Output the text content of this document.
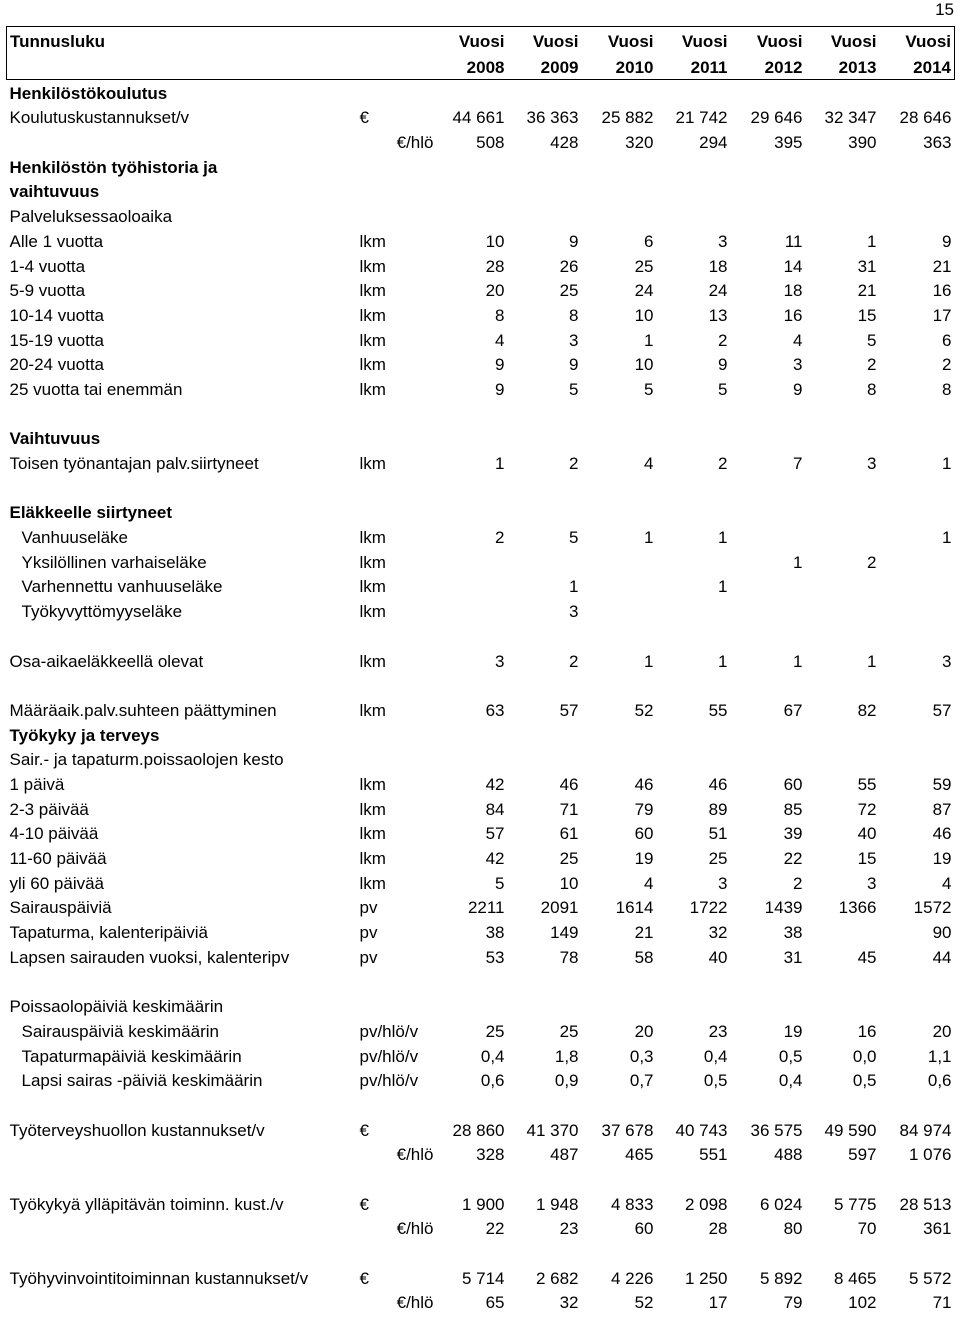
15
Tunnusluku		Vuosi	Vuosi	Vuosi	Vuosi	Vuosi	Vuosi	Vuosi
		2008	2009	2010	2011	2012	2013	2014
Henkilöstökoulutus								
Koulutuskustannukset/v	€	44 661	36 363	25 882	21 742	29 646	32 347	28 646
	€/hlö	508	428	320	294	395	390	363
Henkilöstön työhistoria ja								
vaihtuvuus								
Palveluksessaoloaika								
Alle 1 vuotta	lkm	10	9	6	3	11	1	9
1-4 vuotta	lkm	28	26	25	18	14	31	21
5-9 vuotta	lkm	20	25	24	24	18	21	16
10-14 vuotta	lkm	8	8	10	13	16	15	17
15-19 vuotta	lkm	4	3	1	2	4	5	6
20-24 vuotta	lkm	9	9	10	9	3	2	2
25 vuotta tai enemmän	lkm	9	5	5	5	9	8	8

Vaihtuvuus								
Toisen työnantajan palv.siirtyneet	lkm	1	2	4	2	7	3	1

Eläkkeelle siirtyneet								
Vanhuuseläke	lkm	2	5	1	1			1
Yksilöllinen varhaiseläke	lkm					1	2	
Varhennettu vanhuuseläke	lkm		1		1			
Työkyvyttömyyseläke	lkm		3					

Osa-aikaeläkkeellä olevat	lkm	3	2	1	1	1	1	3

Määräaik.palv.suhteen päättyminen	lkm	63	57	52	55	67	82	57
Työkyky ja terveys								
Sair.- ja tapaturm.poissaolojen kesto								
1 päivä	lkm	42	46	46	46	60	55	59
2-3 päivää	lkm	84	71	79	89	85	72	87
4-10 päivää	lkm	57	61	60	51	39	40	46
11-60 päivää	lkm	42	25	19	25	22	15	19
yli 60 päivää	lkm	5	10	4	3	2	3	4
Sairauspäiviä	pv	2211	2091	1614	1722	1439	1366	1572
Tapaturma, kalenteripäiviä	pv	38	149	21	32	38		90
Lapsen sairauden vuoksi, kalenteripv	pv	53	78	58	40	31	45	44

Poissaolopäiviä keskimäärin								
Sairauspäiviä keskimäärin	pv/hlö/v	25	25	20	23	19	16	20
Tapaturmapäiviä keskimäärin	pv/hlö/v	0,4	1,8	0,3	0,4	0,5	0,0	1,1
Lapsi sairas -päiviä keskimäärin	pv/hlö/v	0,6	0,9	0,7	0,5	0,4	0,5	0,6

Työterveyshuollon kustannukset/v	€	28 860	41 370	37 678	40 743	36 575	49 590	84 974
	€/hlö	328	487	465	551	488	597	1 076

Työkykyä ylläpitävän toiminn. kust./v	€	1 900	1 948	4 833	2 098	6 024	5 775	28 513
	€/hlö	22	23	60	28	80	70	361

Työhyvinvointitoiminnan kustannukset/v	€	5 714	2 682	4 226	1 250	5 892	8 465	5 572
	€/hlö	65	32	52	17	79	102	71
